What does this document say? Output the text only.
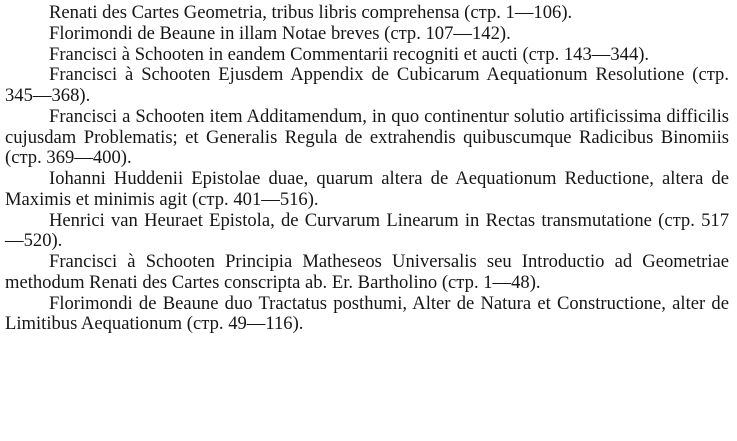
Renati des Cartes Geometria, tribus libris comprehensa (стр. 1—106).

Florimondi de Beaune in illam Notae breves (стр. 107—142).

Francisci à Schooten in eandem Commentarii recogniti et aucti (стр. 143—344).

Francisci à Schooten Ejusdem Appendix de Cubicarum Aequationum Resolutione (стр. 345—368).

Francisci a Schooten item Additamendum, in quo continentur solutio artificissima difficilis cujusdam Problematis; et Generalis Regula de extrahendis quibuscumque Radicibus Binomiis (стр. 369—400).

Iohanni Huddenii Epistolae duae, quarum altera de Aequationum Reductione, altera de Maximis et minimis agit (стр. 401—516).

Henrici van Heuraet Epistola, de Curvarum Linearum in Rectas transmutatione (стр. 517—520).

Francisci à Schooten Principia Matheseos Universalis seu Introductio ad Geometriae methodum Renati des Cartes conscripta ab. Er. Bartholino (стр. 1—48).

Florimondi de Beaune duo Tractatus posthumi, Alter de Natura et Constructione, alter de Limitibus Aequationum (стр. 49—116).
